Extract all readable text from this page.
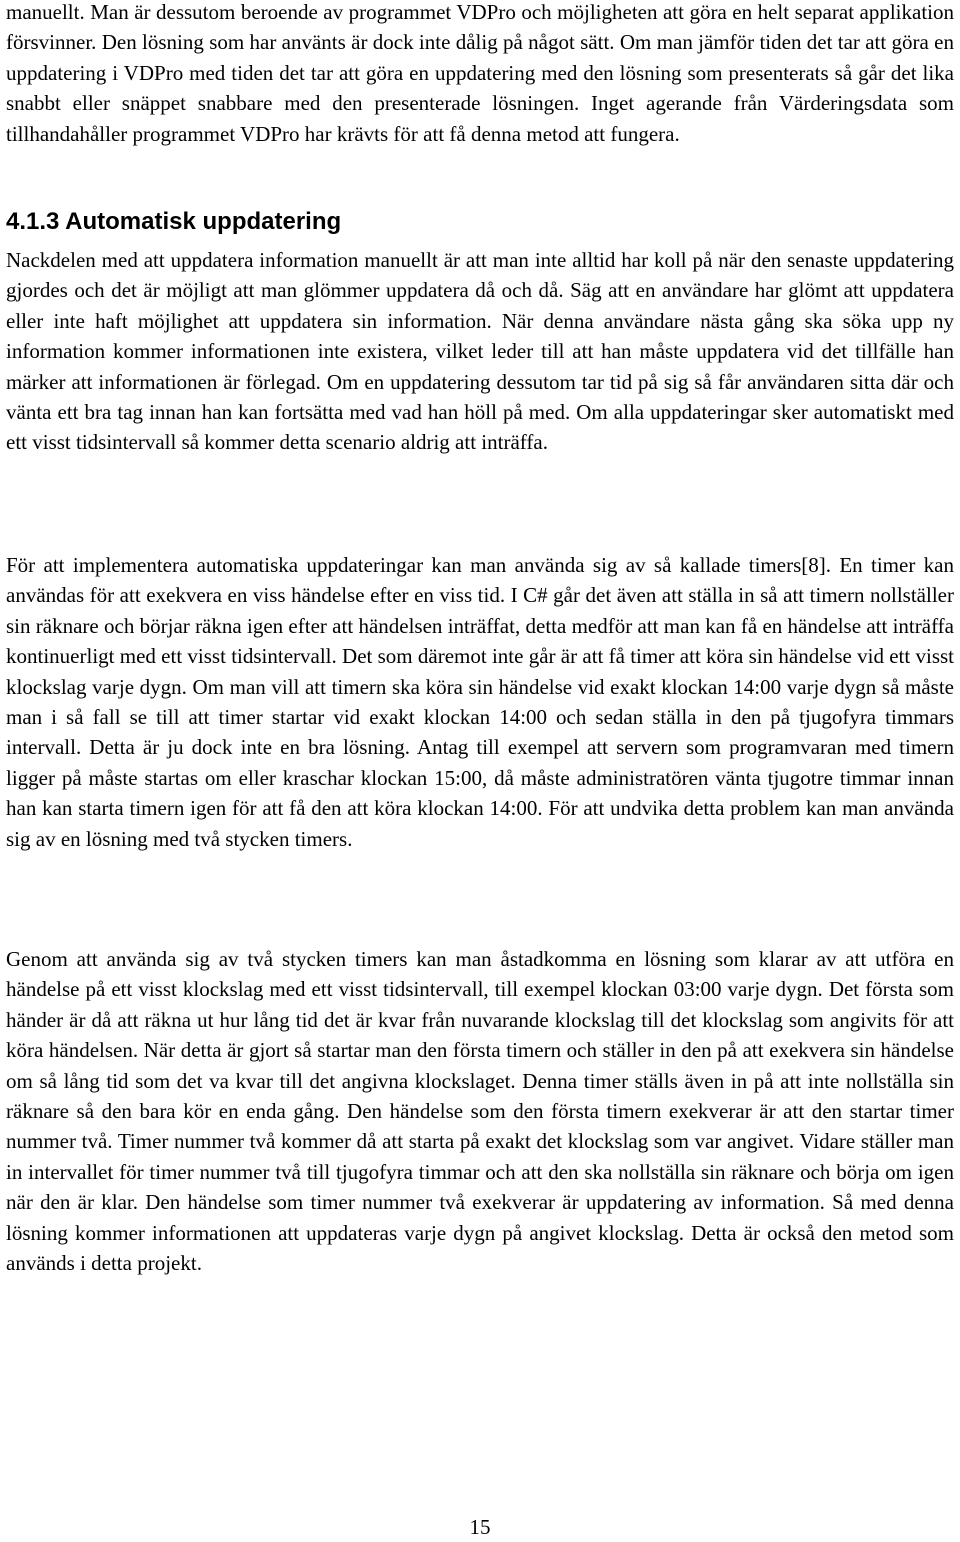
manuellt. Man är dessutom beroende av programmet VDPro och möjligheten att göra en helt separat applikation försvinner. Den lösning som har använts är dock inte dålig på något sätt. Om man jämför tiden det tar att göra en uppdatering i VDPro med tiden det tar att göra en uppdatering med den lösning som presenterats så går det lika snabbt eller snäppet snabbare med den presenterade lösningen. Inget agerande från Värderingsdata som tillhandahåller programmet VDPro har krävts för att få denna metod att fungera.

4.1.3 Automatisk uppdatering

Nackdelen med att uppdatera information manuellt är att man inte alltid har koll på när den senaste uppdatering gjordes och det är möjligt att man glömmer uppdatera då och då. Säg att en användare har glömt att uppdatera eller inte haft möjlighet att uppdatera sin information. När denna användare nästa gång ska söka upp ny information kommer informationen inte existera, vilket leder till att han måste uppdatera vid det tillfälle han märker att informationen är förlegad. Om en uppdatering dessutom tar tid på sig så får användaren sitta där och vänta ett bra tag innan han kan fortsätta med vad han höll på med. Om alla uppdateringar sker automatiskt med ett visst tidsintervall så kommer detta scenario aldrig att inträffa.

För att implementera automatiska uppdateringar kan man använda sig av så kallade timers[8]. En timer kan användas för att exekvera en viss händelse efter en viss tid. I C# går det även att ställa in så att timern nollställer sin räknare och börjar räkna igen efter att händelsen inträffat, detta medför att man kan få en händelse att inträffa kontinuerligt med ett visst tidsintervall. Det som däremot inte går är att få timer att köra sin händelse vid ett visst klockslag varje dygn. Om man vill att timern ska köra sin händelse vid exakt klockan 14:00 varje dygn så måste man i så fall se till att timer startar vid exakt klockan 14:00 och sedan ställa in den på tjugofyra timmars intervall. Detta är ju dock inte en bra lösning. Antag till exempel att servern som programvaran med timern ligger på måste startas om eller kraschar klockan 15:00, då måste administratören vänta tjugotre timmar innan han kan starta timern igen för att få den att köra klockan 14:00. För att undvika detta problem kan man använda sig av en lösning med två stycken timers.

Genom att använda sig av två stycken timers kan man åstadkomma en lösning som klarar av att utföra en händelse på ett visst klockslag med ett visst tidsintervall, till exempel klockan 03:00 varje dygn. Det första som händer är då att räkna ut hur lång tid det är kvar från nuvarande klockslag till det klockslag som angivits för att köra händelsen. När detta är gjort så startar man den första timern och ställer in den på att exekvera sin händelse om så lång tid som det va kvar till det angivna klockslaget. Denna timer ställs även in på att inte nollställa sin räknare så den bara kör en enda gång. Den händelse som den första timern exekverar är att den startar timer nummer två. Timer nummer två kommer då att starta på exakt det klockslag som var angivet. Vidare ställer man in intervallet för timer nummer två till tjugofyra timmar och att den ska nollställa sin räknare och börja om igen när den är klar. Den händelse som timer nummer två exekverar är uppdatering av information. Så med denna lösning kommer informationen att uppdateras varje dygn på angivet klockslag. Detta är också den metod som används i detta projekt.

15
